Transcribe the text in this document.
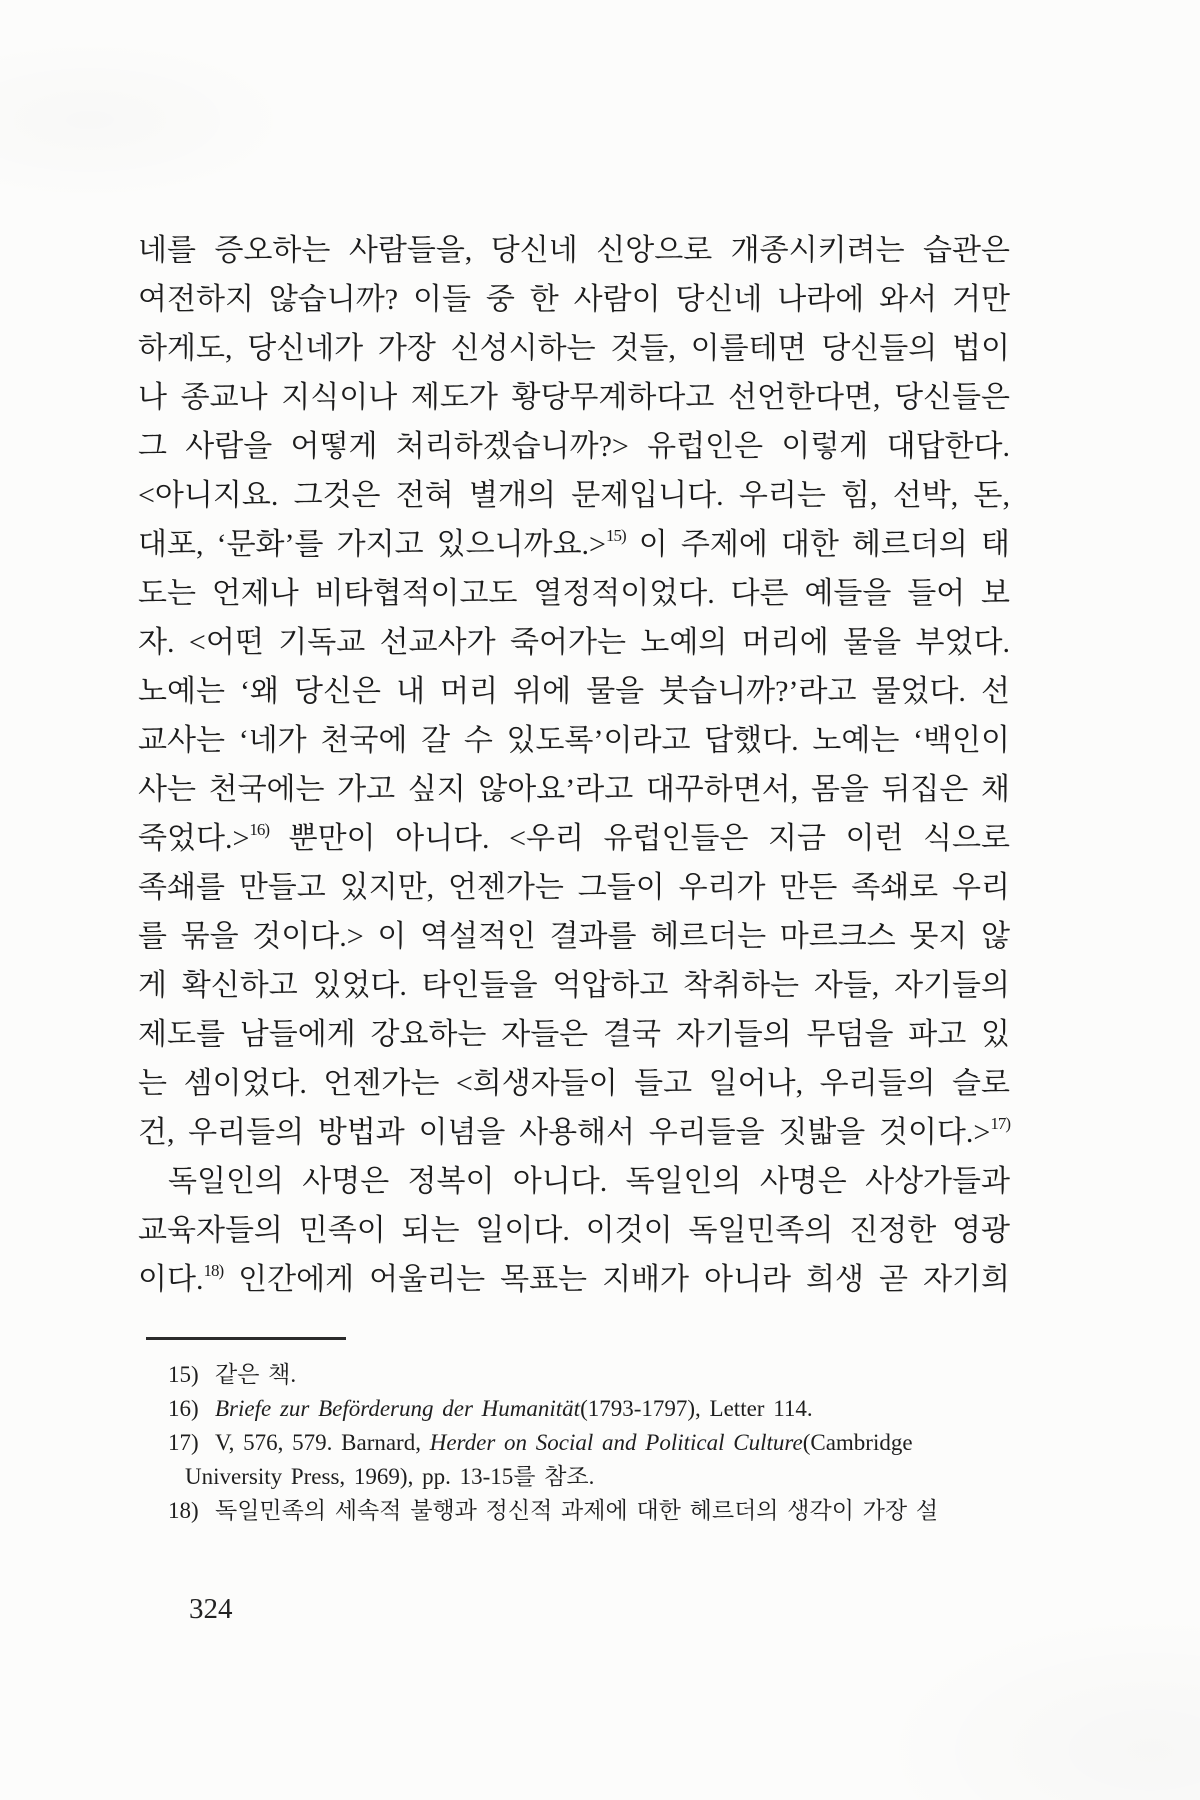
네를 증오하는 사람들을, 당신네 신앙으로 개종시키려는 습관은
여전하지 않습니까? 이들 중 한 사람이 당신네 나라에 와서 거만
하게도, 당신네가 가장 신성시하는 것들, 이를테면 당신들의 법이
나 종교나 지식이나 제도가 황당무계하다고 선언한다면, 당신들은
그 사람을 어떻게 처리하겠습니까?> 유럽인은 이렇게 대답한다.
<아니지요. 그것은 전혀 별개의 문제입니다. 우리는 힘, 선박, 돈,
대포, ‘문화’를 가지고 있으니까요.>$^{15)}$ 이 주제에 대한 헤르더의 태
도는 언제나 비타협적이고도 열정적이었다. 다른 예들을 들어 보
자. <어떤 기독교 선교사가 죽어가는 노예의 머리에 물을 부었다.
노예는 ‘왜 당신은 내 머리 위에 물을 붓습니까?’라고 물었다. 선
교사는 ‘네가 천국에 갈 수 있도록’이라고 답했다. 노예는 ‘백인이
사는 천국에는 가고 싶지 않아요’라고 대꾸하면서, 몸을 뒤집은 채
죽었다.>$^{16)}$ 뿐만이 아니다. <우리 유럽인들은 지금 이런 식으로
족쇄를 만들고 있지만, 언젠가는 그들이 우리가 만든 족쇄로 우리
를 묶을 것이다.> 이 역설적인 결과를 헤르더는 마르크스 못지 않
게 확신하고 있었다. 타인들을 억압하고 착취하는 자들, 자기들의
제도를 남들에게 강요하는 자들은 결국 자기들의 무덤을 파고 있
는 셈이었다. 언젠가는 <희생자들이 들고 일어나, 우리들의 슬로
건, 우리들의 방법과 이념을 사용해서 우리들을 짓밟을 것이다.>$^{17)}$
독일인의 사명은 정복이 아니다. 독일인의 사명은 사상가들과
교육자들의 민족이 되는 일이다. 이것이 독일민족의 진정한 영광
이다.$^{18)}$ 인간에게 어울리는 목표는 지배가 아니라 희생 곧 자기희
15) 같은 책.
16) Briefe zur Beförderung der Humanität(1793-1797), Letter 114.
17) V, 576, 579. Barnard, Herder on Social and Political Culture(Cambridge
University Press, 1969), pp. 13-15를 참조.
18) 독일민족의 세속적 불행과 정신적 과제에 대한 헤르더의 생각이 가장 설
324
